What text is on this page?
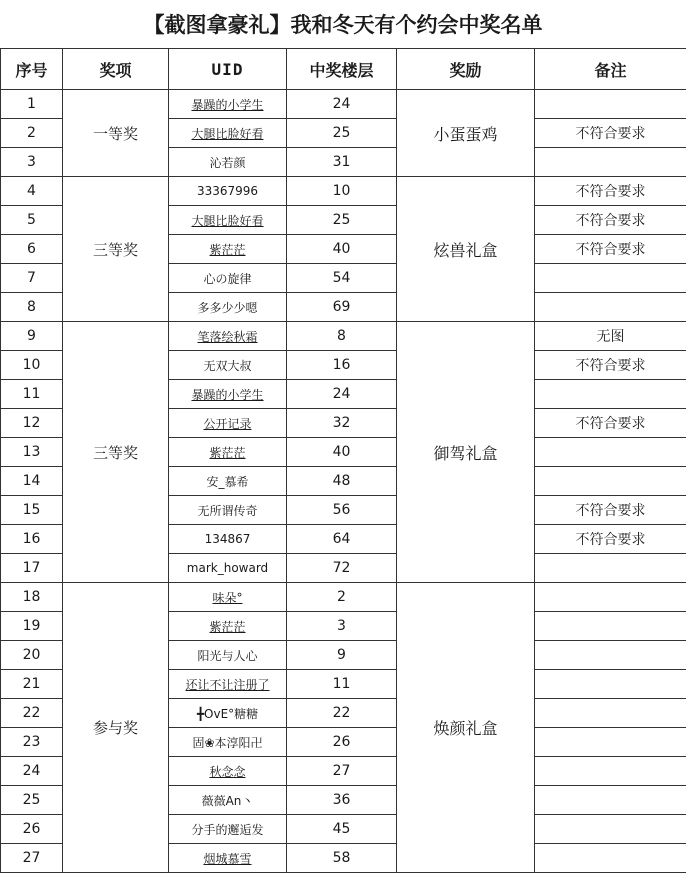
【截图拿豪礼】我和冬天有个约会中奖名单
序号	奖项	UID	中奖楼层	奖励	备注
1	一等奖	暴躁的小学生	24	小蛋蛋鸡	
2		大腿比脸好看	25		不符合要求
3		沁若颜	31		
4	三等奖	33367996	10	炫兽礼盒	不符合要求
5		大腿比脸好看	25		不符合要求
6		紫茫茫	40		不符合要求
7		心の旋律	54		
8		多多少少嗯	69		
9	三等奖	笔落绘秋霜	8	御驾礼盒	无图
10		无双大叔	16		不符合要求
11		暴躁的小学生	24		
12		公开记录	32		不符合要求
13		紫茫茫	40		
14		安_慕希	48		
15		无所谓传奇	56		不符合要求
16		134867	64		不符合要求
17		mark_howard	72		
18	参与奖	味朵°	2	焕颜礼盒	
19		紫茫茫	3		
20		阳光与人心	9		
21		还让不让注册了	11		
22		╋OvE°糖糖	22		
23		固❀本淳阳卍	26		
24		秋念念	27		
25		薇薇An丶	36		
26		分手的邂逅发	45		
27		烟城慕雪	58		
